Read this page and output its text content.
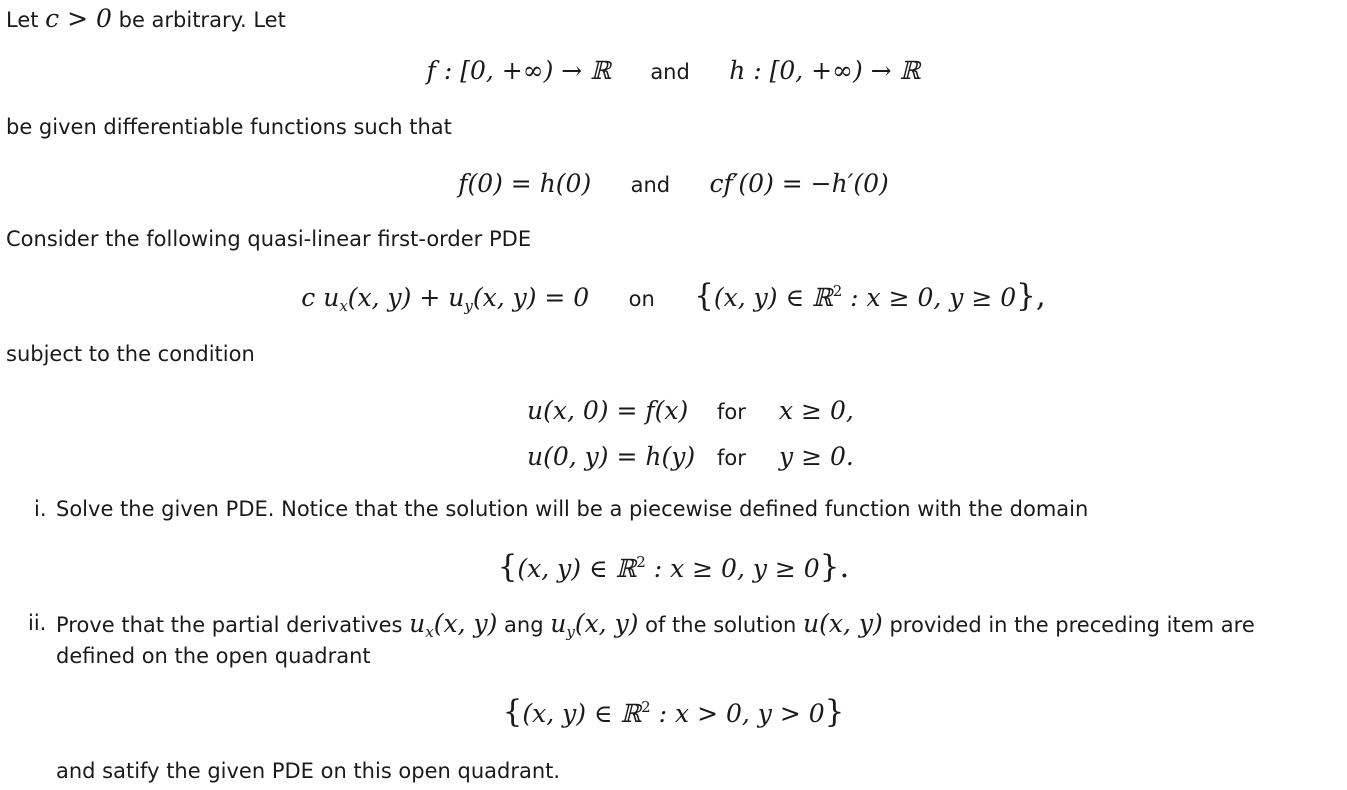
Let c > 0 be arbitrary. Let
f : [0, +∞) → ℝ and h : [0, +∞) → ℝ
be given differentiable functions such that
f(0) = h(0) and cf′(0) = −h′(0)
Consider the following quasi-linear first-order PDE
c $u_x(x$, $y) + u_y(x$, y) = 0 on {(x, y) ∈ ℝ$^2$ : x ≥ 0, y ≥ 0},
subject to the condition
u(x, 0) = f(x) for x ≥ 0,
u(0, y) = h(y) for y ≥ 0.
i. Solve the given PDE. Notice that the solution will be a piecewise defined function with the domain
{(x, y) ∈ ℝ$^2$ : x ≥ 0, y ≥ 0}.
ii. Prove that the partial derivatives $u_x(x$, y) ang $u_y(x$, y) of the solution u(x, y) provided in the preceding item are
defined on the open quadrant
{(x, y) ∈ ℝ$^2$ : x > 0, y > 0}
and satify the given PDE on this open quadrant.
